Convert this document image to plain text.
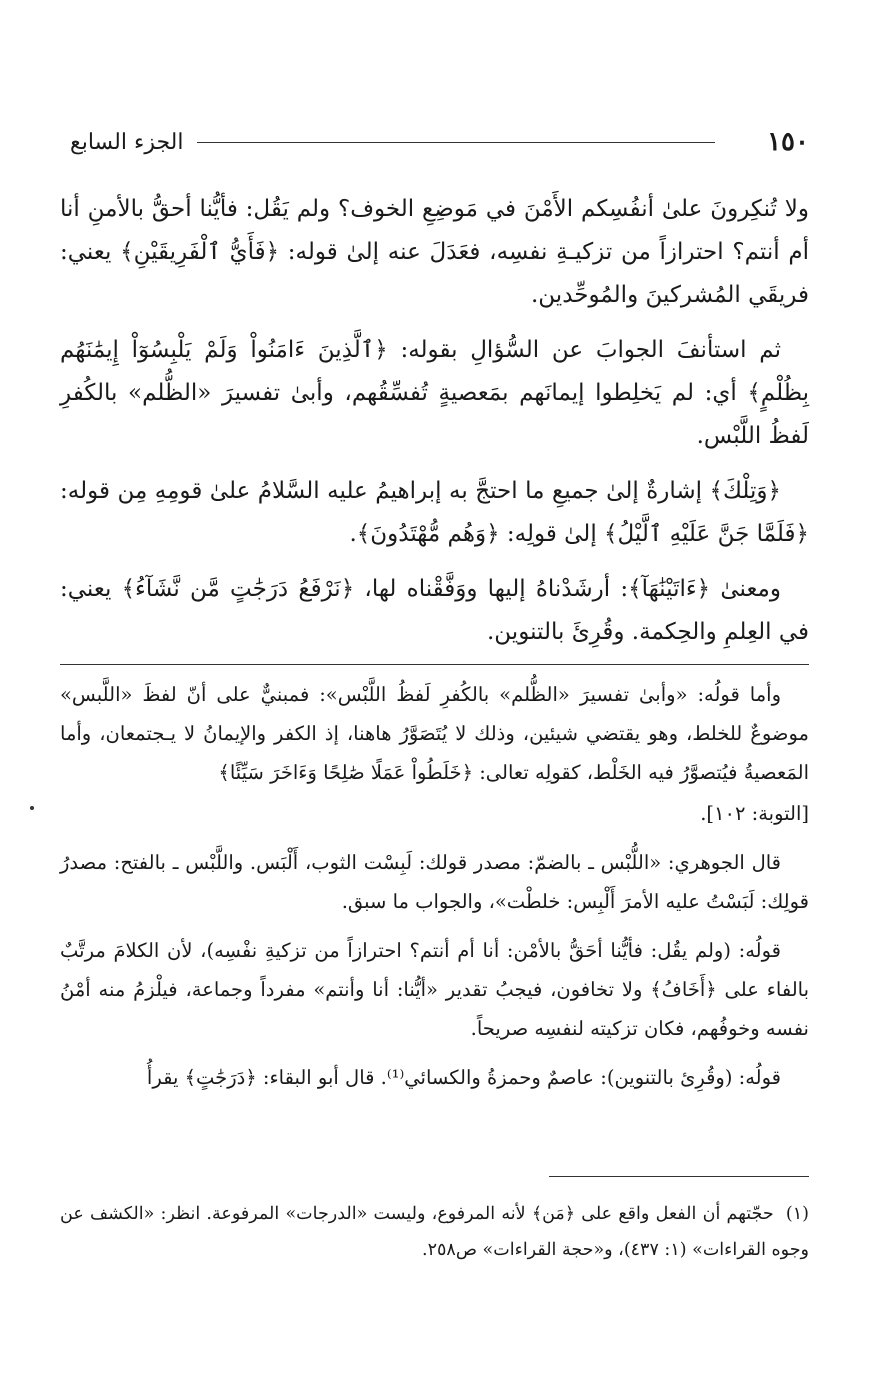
الجزء السابع	١٥٠

ولا تُنكِرونَ علىٰ أنفُسِكم الأَمْنَ في مَوضِعِ الخوف؟ ولم يَقُل: فأيُّنا أحقُّ بالأمنِ أنا أم أنتم؟ احترازاً من تزكيـةِ نفسِه، فعَدَلَ عنه إلىٰ قوله: ﴿فَأَيُّ ٱلْفَرِيقَيْنِ﴾ يعني: فريقَي المُشركينَ والمُوحِّدين.

ثم استأنفَ الجوابَ عن السُّؤالِ بقوله: ﴿ٱلَّذِينَ ءَامَنُواْ وَلَمْ يَلْبِسُوٓاْ إِيمَٰنَهُم بِظُلْمٍ﴾ أي: لم يَخلِطوا إيمانَهم بمَعصيةٍ تُفسِّقُهم، وأبىٰ تفسيرَ «الظُّلم» بالكُفرِ لَفظُ اللَّبْس.

﴿وَتِلْكَ﴾ إشارةٌ إلىٰ جميعِ ما احتجَّ به إبراهيمُ عليه السَّلامُ علىٰ قومِهِ مِن قوله: ﴿فَلَمَّا جَنَّ عَلَيْهِ ٱلَّيْلُ﴾ إلىٰ قولِه: ﴿وَهُم مُّهْتَدُونَ﴾.

ومعنىٰ ﴿ءَاتَيْنَٰهَآ﴾: أرشَدْناهُ إليها ووَفَّقْناه لها، ﴿نَرْفَعُ دَرَجَٰتٍ مَّن نَّشَآءُ﴾ يعني: في العِلمِ والحِكمة. وقُرِئَ بالتنوين.

وأما قولُه: «وأبىٰ تفسيرَ «الظُّلم» بالكُفرِ لَفظُ اللَّبْس»: فمبنيٌّ على أنّ لفظَ «اللَّبس» موضوعٌ للخلط، وهو يقتضي شيئين، وذلك لا يُتَصَوَّرُ هاهنا، إذ الكفر والإيمانُ لا يـجتمعان، وأما المَعصيةُ فيُتصوَّرُ فيه الخَلْط، كقولِه تعالى: ﴿خَلَطُواْ عَمَلًا صَٰلِحًا وَءَاخَرَ سَيِّئًا﴾

[التوبة: ١٠٢].

قال الجوهري: «اللُّبْس ـ بالضمّ: مصدر قولك: لَبِسْت الثوب، أَلْبَس. واللَّبْس ـ بالفتح: مصدرُ قولِك: لَبَسْتُ عليه الأمرَ أَلْبِس: خلطْت»، والجواب ما سبق.

قولُه: (ولم يقُل: فأيُّنا أحَقُّ بالأمْن: أنا أم أنتم؟ احترازاً من تزكيةِ نفْسِه)، لأن الكلامَ مرتَّبٌ بالفاء على ﴿أَخَافُ﴾ ولا تخافون، فيجبُ تقدير «أيُّنا: أنا وأنتم» مفرداً وجماعة، فيلْزمُ منه أمْنُ نفسه وخوفُهم، فكان تزكيته لنفسِه صريحاً.

قولُه: (وقُرِئ بالتنوين): عاصمٌ وحمزةُ والكسائي⁽¹⁾. قال أبو البقاء: ﴿دَرَجَٰتٍ﴾ يقرأُ

(١) حجّتهم أن الفعل واقع على ﴿مَن﴾ لأنه المرفوع، وليست «الدرجات» المرفوعة. انظر: «الكشف عن وجوه القراءات» (١: ٤٣٧)، و«حجة القراءات» ص٢٥٨.
